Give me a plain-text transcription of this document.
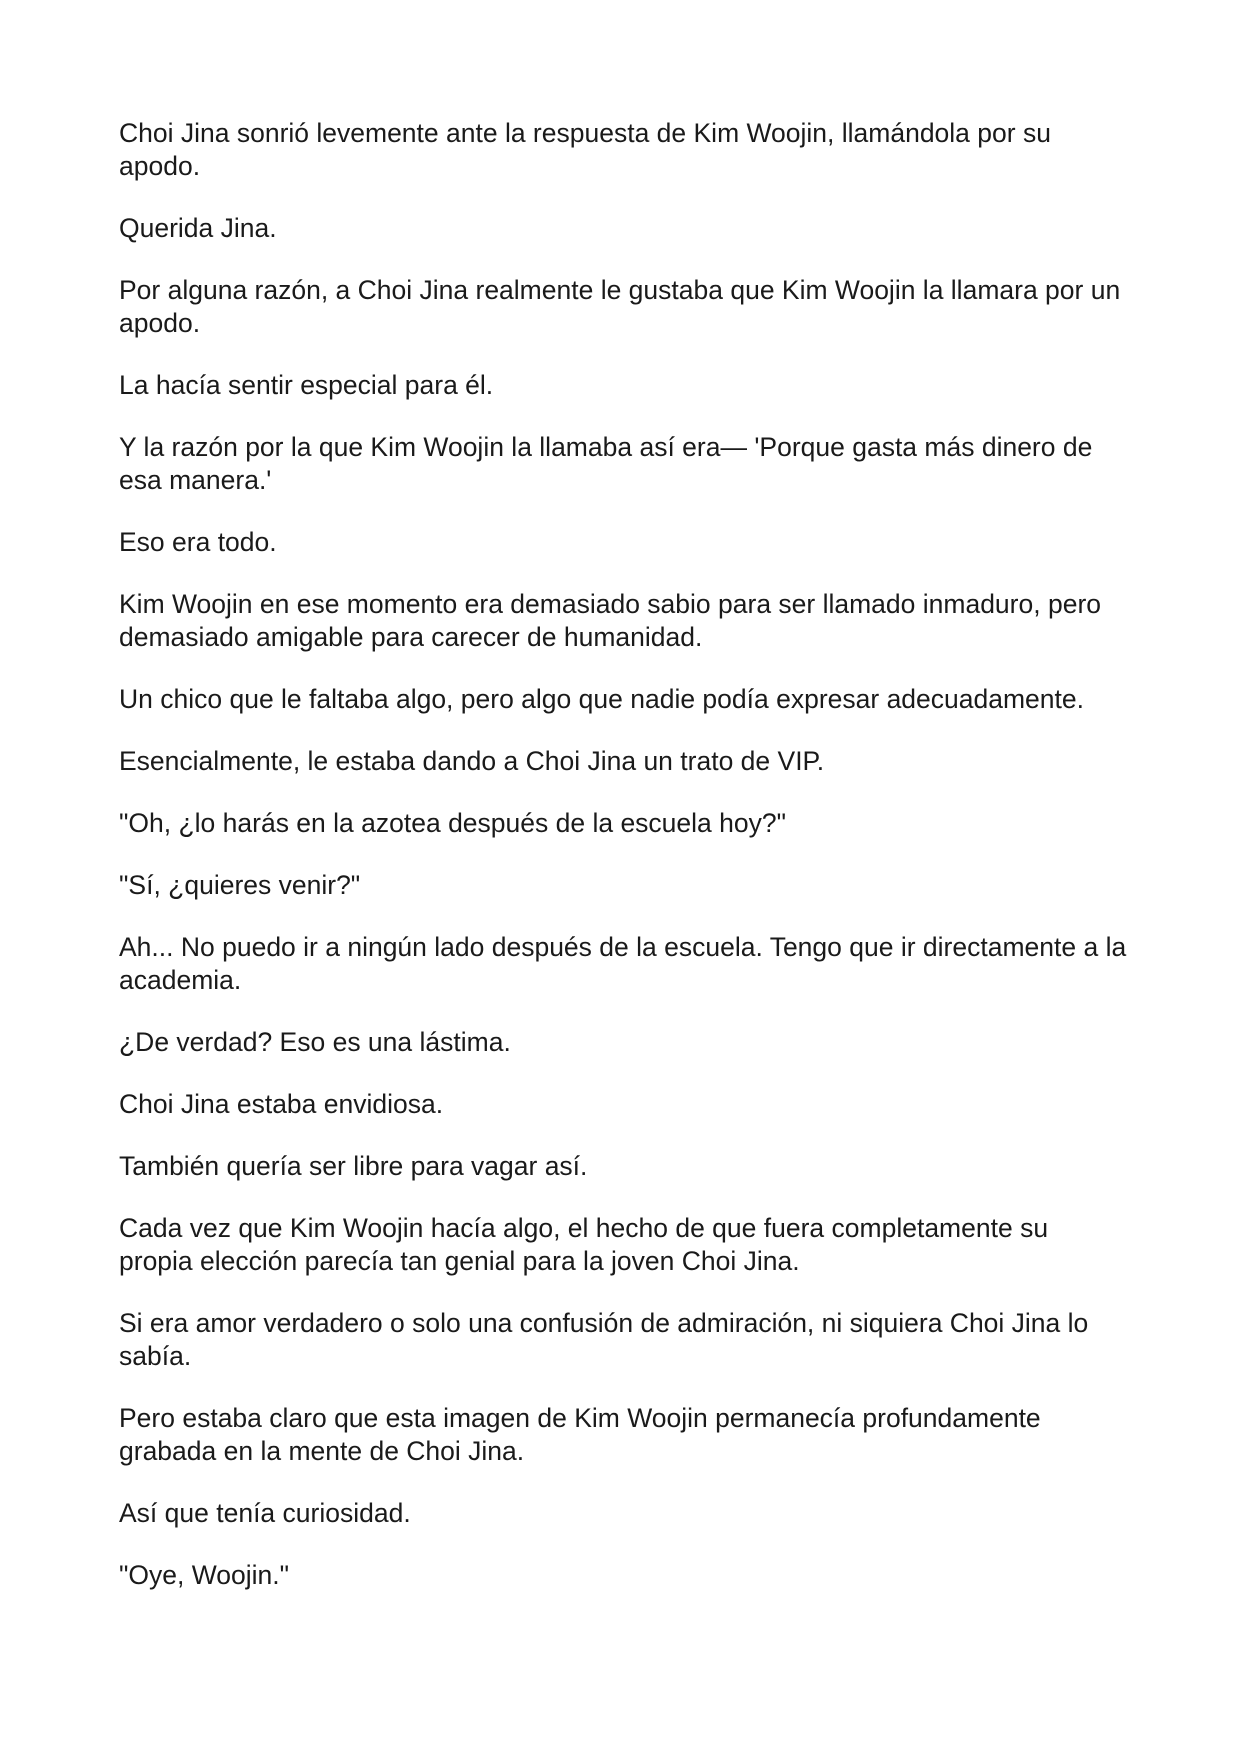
Choi Jina sonrió levemente ante la respuesta de Kim Woojin, llamándola por su apodo.

Querida Jina.

Por alguna razón, a Choi Jina realmente le gustaba que Kim Woojin la llamara por un apodo.

La hacía sentir especial para él.

Y la razón por la que Kim Woojin la llamaba así era— 'Porque gasta más dinero de esa manera.'

Eso era todo.

Kim Woojin en ese momento era demasiado sabio para ser llamado inmaduro, pero demasiado amigable para carecer de humanidad.

Un chico que le faltaba algo, pero algo que nadie podía expresar adecuadamente.

Esencialmente, le estaba dando a Choi Jina un trato de VIP.

"Oh, ¿lo harás en la azotea después de la escuela hoy?"

"Sí, ¿quieres venir?"

Ah... No puedo ir a ningún lado después de la escuela. Tengo que ir directamente a la academia.

¿De verdad? Eso es una lástima.

Choi Jina estaba envidiosa.

También quería ser libre para vagar así.

Cada vez que Kim Woojin hacía algo, el hecho de que fuera completamente su propia elección parecía tan genial para la joven Choi Jina.

Si era amor verdadero o solo una confusión de admiración, ni siquiera Choi Jina lo sabía.

Pero estaba claro que esta imagen de Kim Woojin permanecía profundamente grabada en la mente de Choi Jina.

Así que tenía curiosidad.

"Oye, Woojin."
